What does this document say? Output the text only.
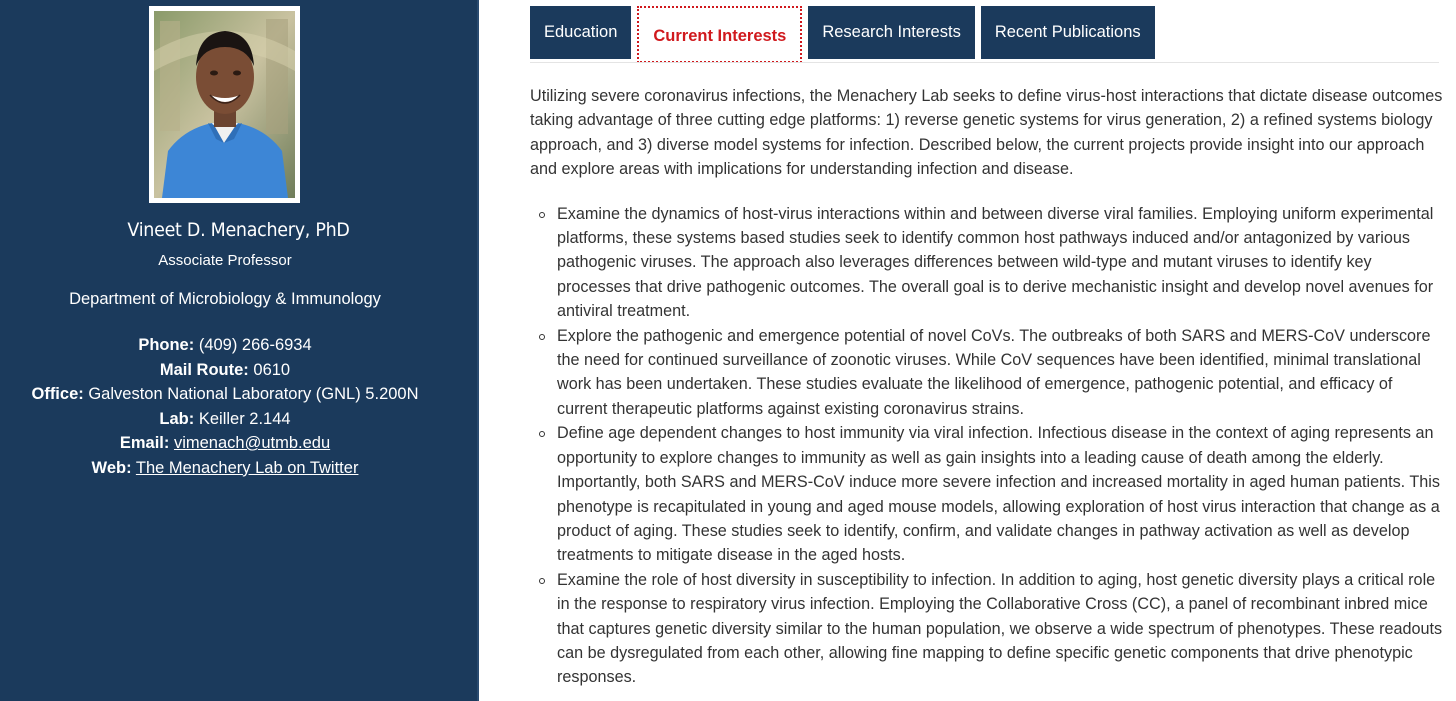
Vineet D. Menachery, PhD
Associate Professor
Department of Microbiology & Immunology
Phone: (409) 266-6934
Mail Route: 0610
Office: Galveston National Laboratory (GNL) 5.200N
Lab: Keiller 2.144
Email: vimenach@utmb.edu
Web: The Menachery Lab on Twitter
Education	Current Interests	Research Interests	Recent Publications

Utilizing severe coronavirus infections, the Menachery Lab seeks to define virus-host interactions that dictate disease outcomes taking advantage of three cutting edge platforms: 1) reverse genetic systems for virus generation, 2) a refined systems biology approach, and 3) diverse model systems for infection. Described below, the current projects provide insight into our approach and explore areas with implications for understanding infection and disease.

Examine the dynamics of host-virus interactions within and between diverse viral families. Employing uniform experimental platforms, these systems based studies seek to identify common host pathways induced and/or antagonized by various pathogenic viruses. The approach also leverages differences between wild-type and mutant viruses to identify key processes that drive pathogenic outcomes. The overall goal is to derive mechanistic insight and develop novel avenues for antiviral treatment.
Explore the pathogenic and emergence potential of novel CoVs. The outbreaks of both SARS and MERS-CoV underscore the need for continued surveillance of zoonotic viruses. While CoV sequences have been identified, minimal translational work has been undertaken. These studies evaluate the likelihood of emergence, pathogenic potential, and efficacy of current therapeutic platforms against existing coronavirus strains.
Define age dependent changes to host immunity via viral infection. Infectious disease in the context of aging represents an opportunity to explore changes to immunity as well as gain insights into a leading cause of death among the elderly. Importantly, both SARS and MERS-CoV induce more severe infection and increased mortality in aged human patients. This phenotype is recapitulated in young and aged mouse models, allowing exploration of host virus interaction that change as a product of aging. These studies seek to identify, confirm, and validate changes in pathway activation as well as develop treatments to mitigate disease in the aged hosts.
Examine the role of host diversity in susceptibility to infection. In addition to aging, host genetic diversity plays a critical role in the response to respiratory virus infection. Employing the Collaborative Cross (CC), a panel of recombinant inbred mice that captures genetic diversity similar to the human population, we observe a wide spectrum of phenotypes. These readouts can be dysregulated from each other, allowing fine mapping to define specific genetic components that drive phenotypic responses.
